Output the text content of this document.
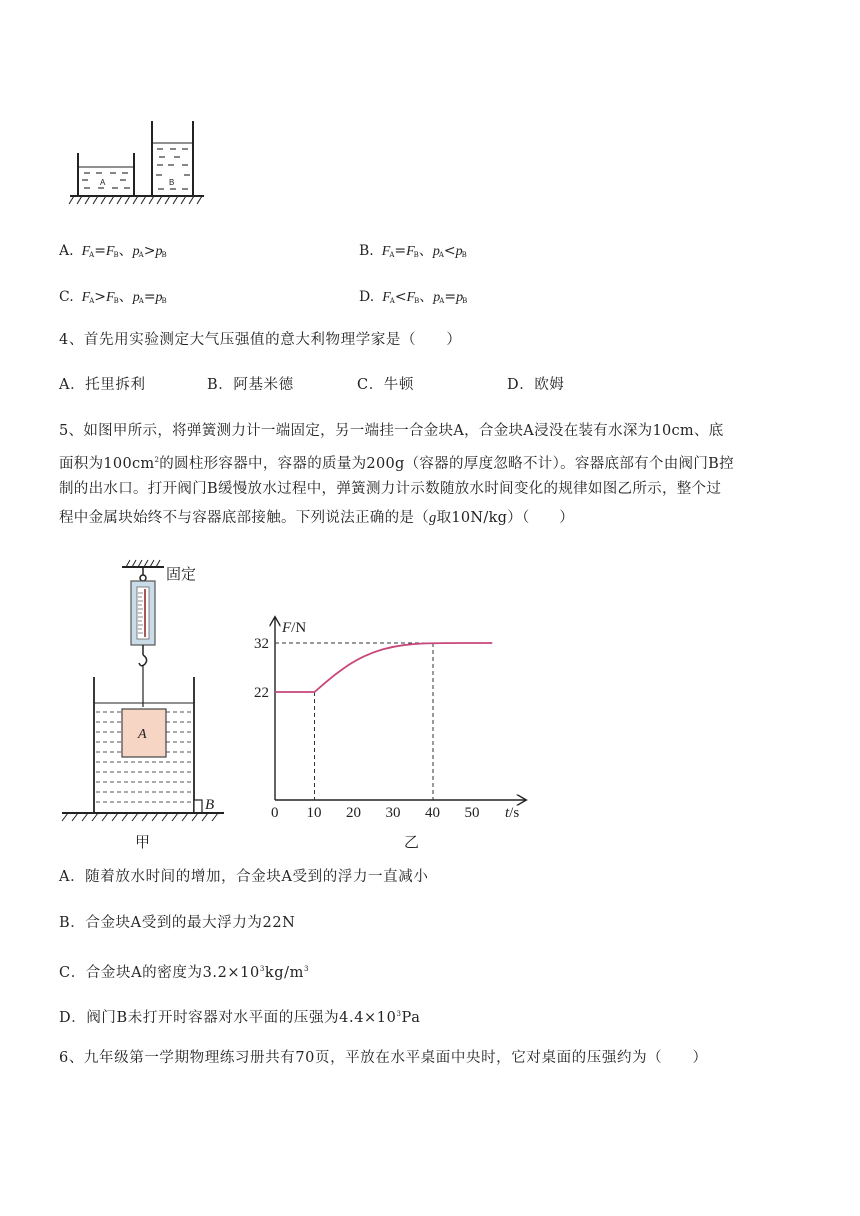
A	B
A. $F_A=F_B$、$p_A>p_B$	B. $F_A=F_B$、$p_A<p_B$
C. $F_A>F_B$、$p_A=p_B$	D. $F_A<F_B$、$p_A=p_B$
4、首先用实验测定大气压强值的意大利物理学家是（　　）
A．托里拆利	B．阿基米德	C．牛顿	D．欧姆
5、如图甲所示，将弹簧测力计一端固定，另一端挂一合金块A，合金块A浸没在装有水深为10cm、底
面积为$100cm^2$的圆柱形容器中，容器的质量为200g（容器的厚度忽略不计）。容器底部有个由阀门B控
制的出水口。打开阀门B缓慢放水过程中，弹簧测力计示数随放水时间变化的规律如图乙所示，整个过
程中金属块始终不与容器底部接触。下列说法正确的是（g取10N/kg）（　　）
固定
A
B
甲
F/N
t/s
0 10 20 30 40 50
22
32
乙
A．随着放水时间的增加，合金块A受到的浮力一直减小
B．合金块A受到的最大浮力为22N
C．合金块A的密度为$3.2\times 10^3kg/m^3$
D．阀门B未打开时容器对水平面的压强为$4.4\times 10^3Pa$
6、九年级第一学期物理练习册共有70页，平放在水平桌面中央时，它对桌面的压强约为（　　）
